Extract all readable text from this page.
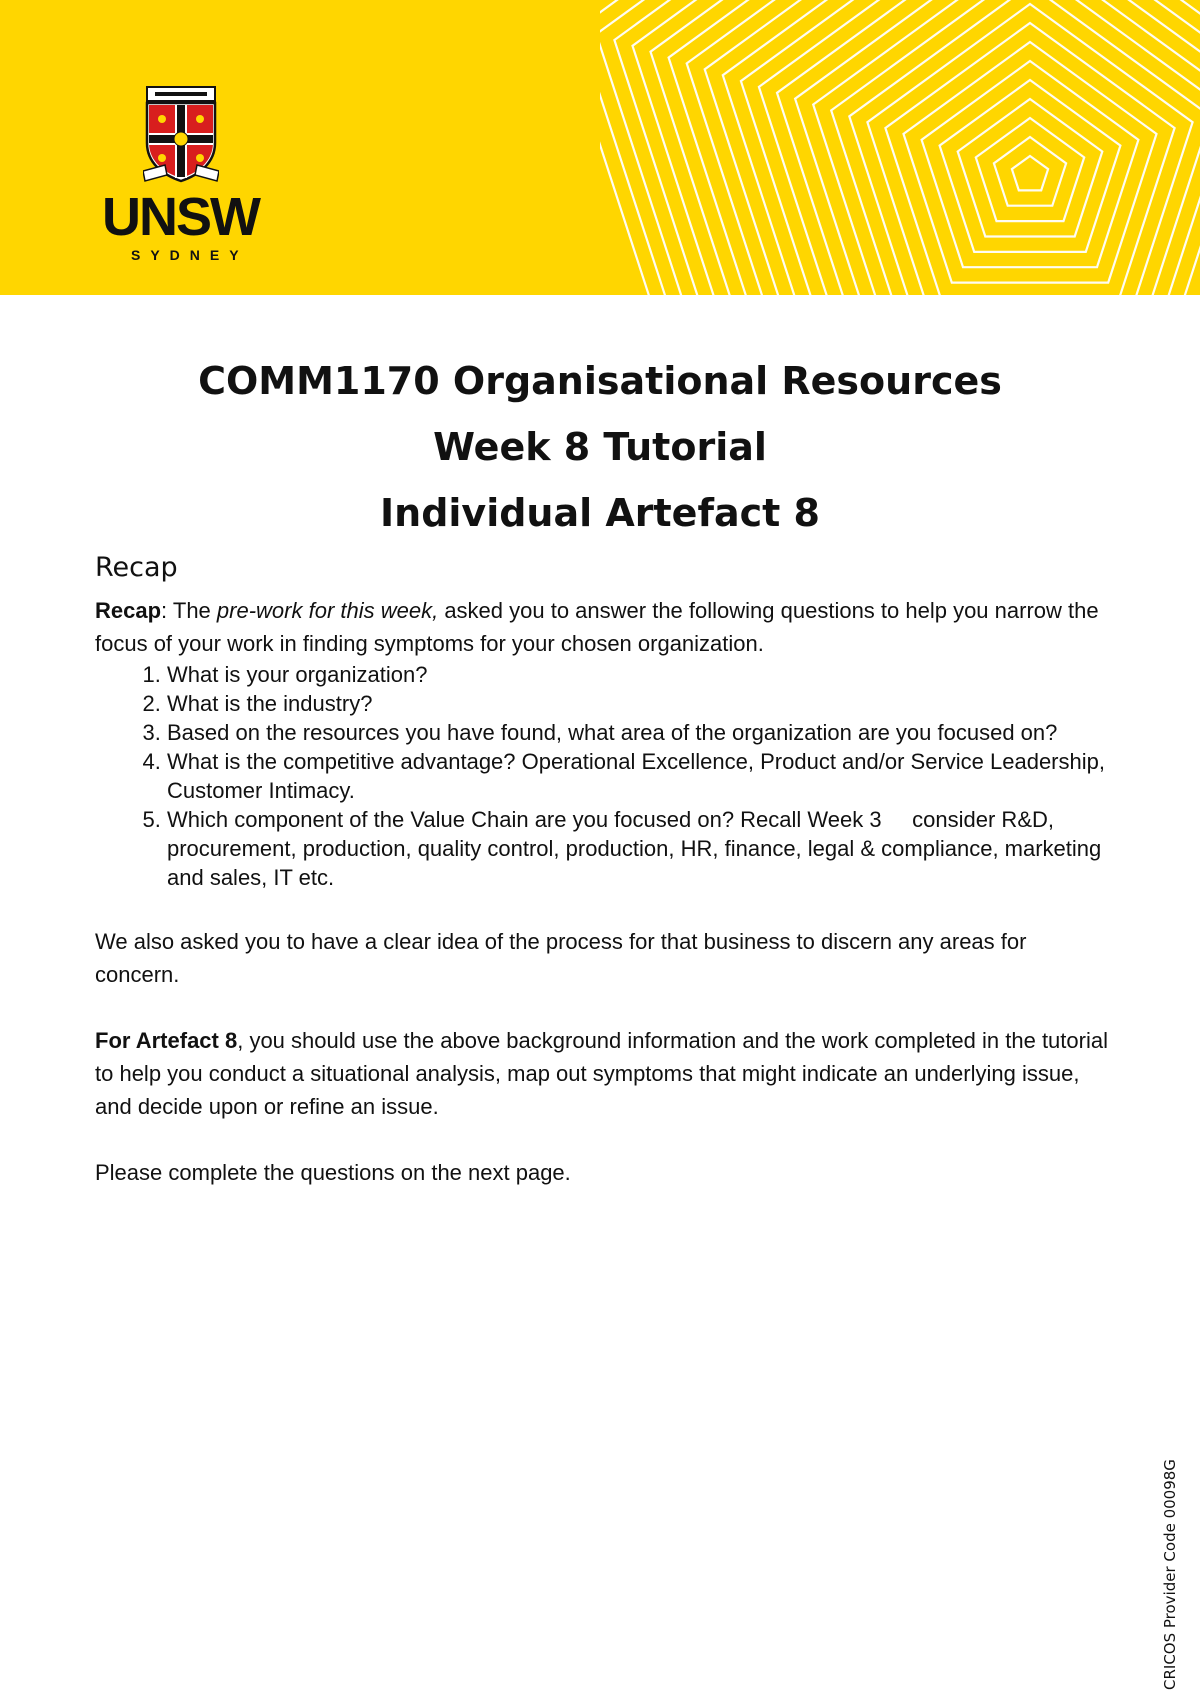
UNSW
SYDNEY
COMM1170 Organisational Resources
Week 8 Tutorial
Individual Artefact 8
Recap

Recap: The pre-work for this week, asked you to answer the following questions to help you narrow the focus of your work in finding symptoms for your chosen organization.

1. What is your organization?
2. What is the industry?
3. Based on the resources you have found, what area of the organization are you focused on?
4. What is the competitive advantage? Operational Excellence, Product and/or Service Leadership, Customer Intimacy.
5. Which component of the Value Chain are you focused on? Recall Week 3     consider R&D, procurement, production, quality control, production, HR, finance, legal & compliance, marketing and sales, IT etc.

We also asked you to have a clear idea of the process for that business to discern any areas for concern.

For Artefact 8, you should use the above background information and the work completed in the tutorial to help you conduct a situational analysis, map out symptoms that might indicate an underlying issue, and decide upon or refine an issue.

Please complete the questions on the next page.

CRICOS Provider Code 00098G
